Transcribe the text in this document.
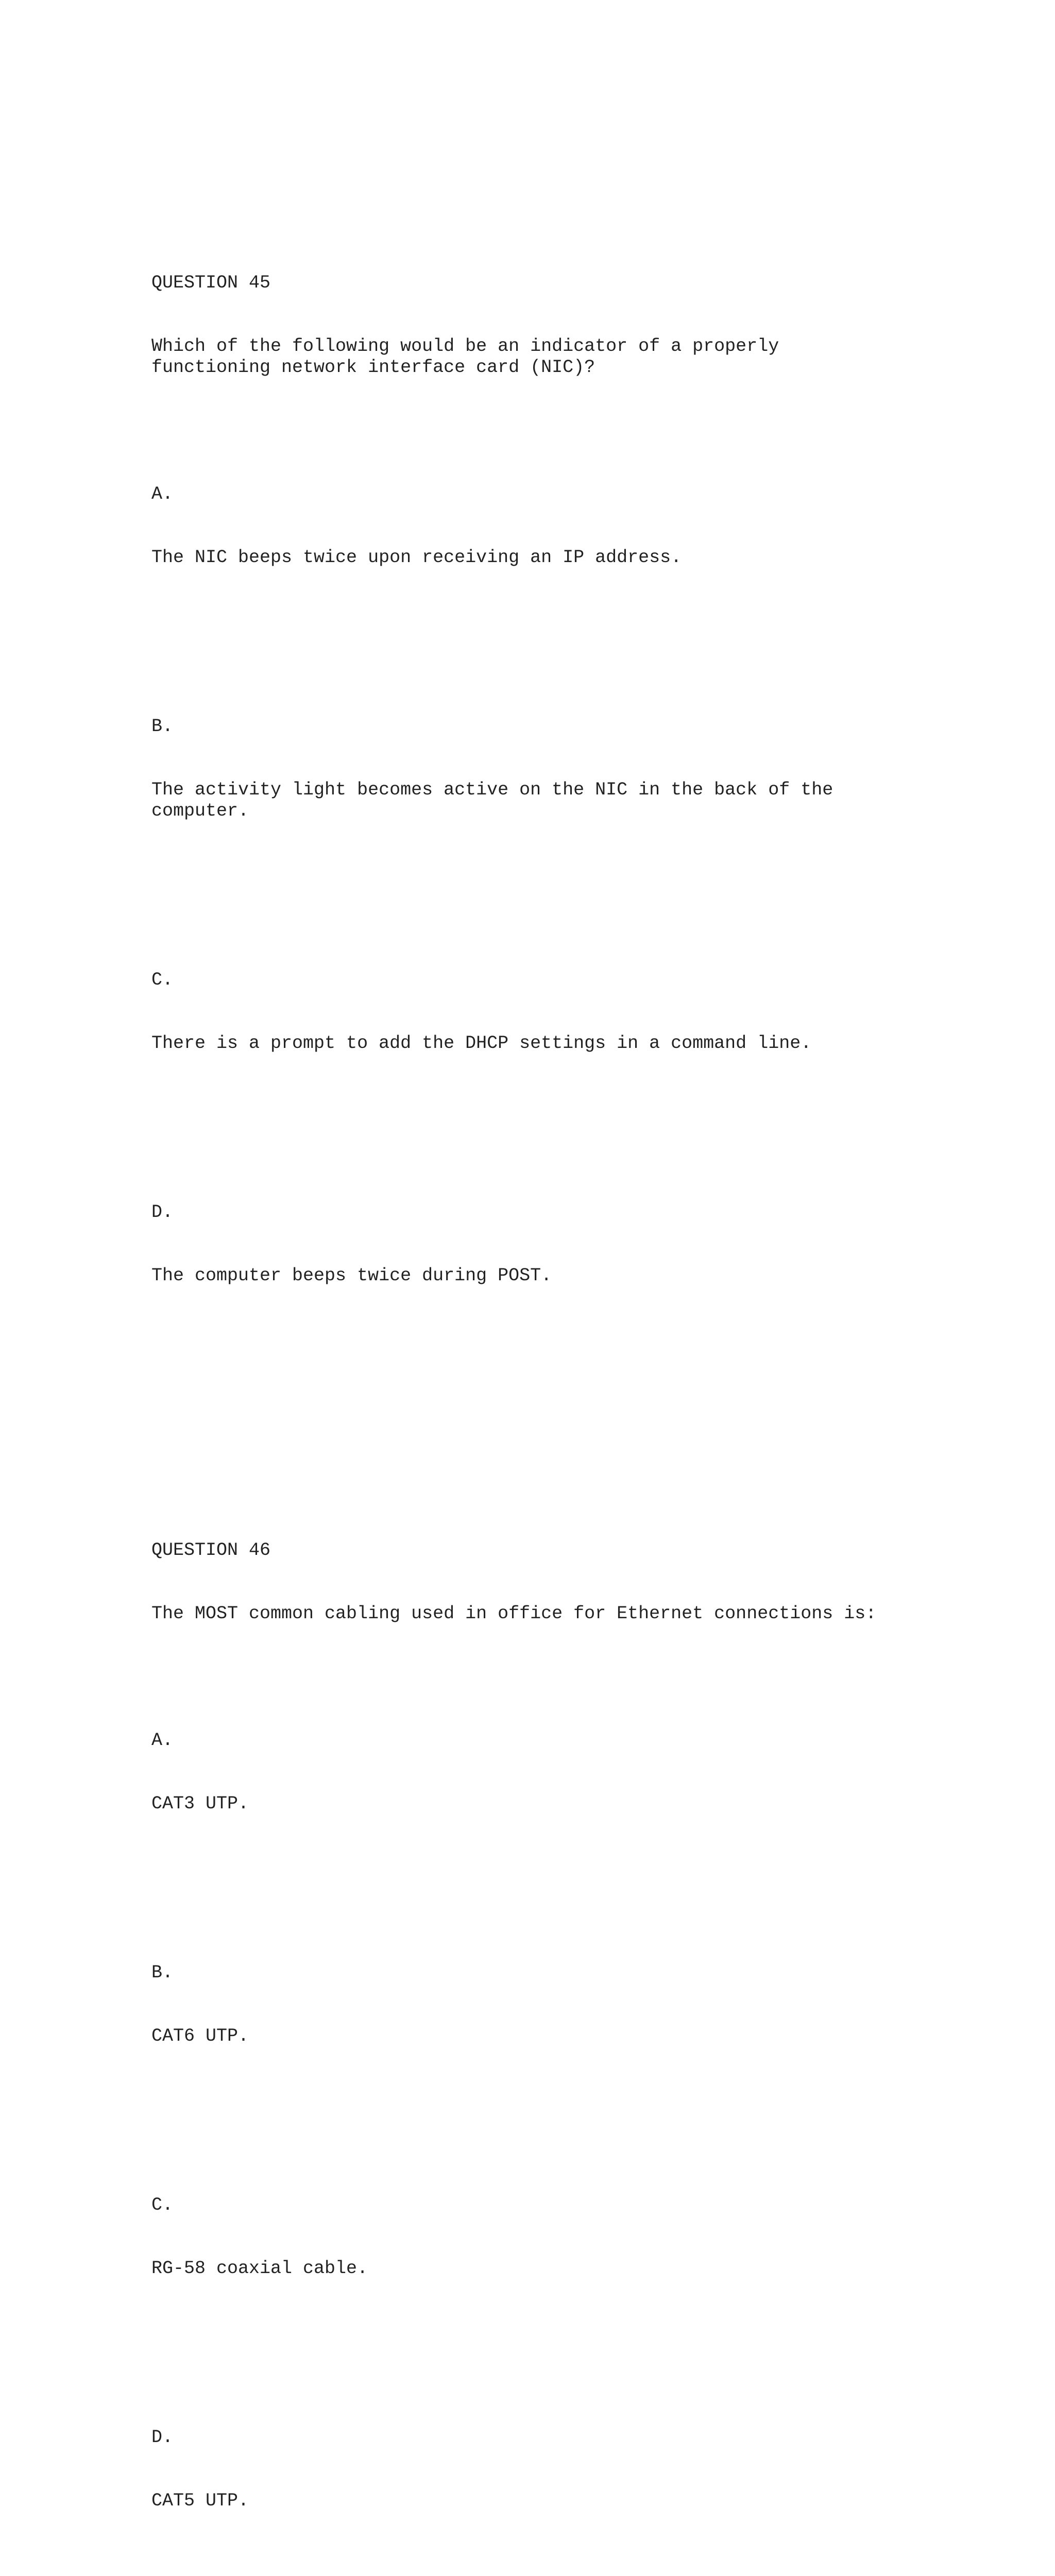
QUESTION 45

Which of the following would be an indicator of a properly
functioning network interface card (NIC)?

A.

The NIC beeps twice upon receiving an IP address.

B.

The activity light becomes active on the NIC in the back of the
computer.

C.

There is a prompt to add the DHCP settings in a command line.

D.

The computer beeps twice during POST.

QUESTION 46

The MOST common cabling used in office for Ethernet connections is:

A.

CAT3 UTP.

B.

CAT6 UTP.

C.

RG-58 coaxial cable.

D.

CAT5 UTP.
